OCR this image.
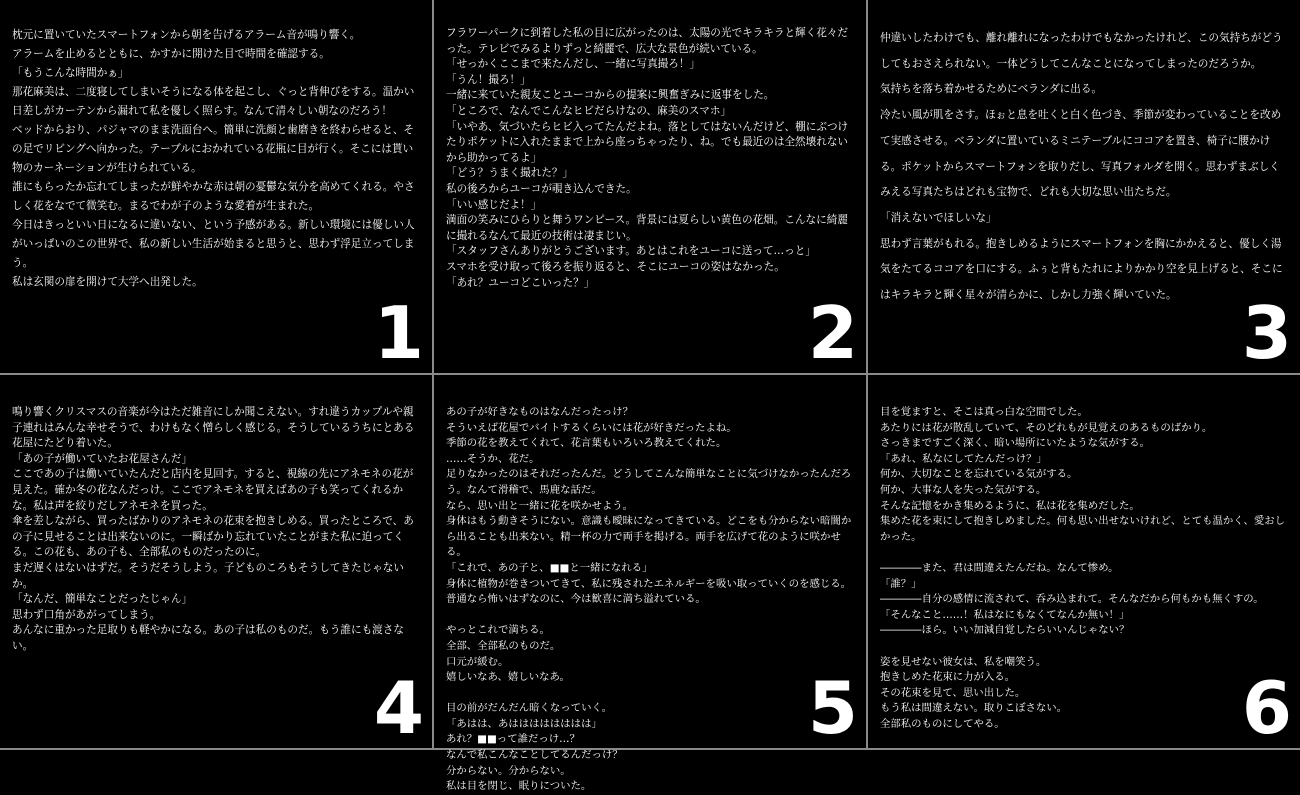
枕元に置いていたスマートフォンから朝を告げるアラーム音が鳴り響く。

アラームを止めるとともに、かすかに開けた目で時間を確認する。

「もうこんな時間かぁ」

那花麻美は、二度寝してしまいそうになる体を起こし、ぐっと背伸びをする。温かい日差しがカーテンから漏れて私を優しく照らす。なんて清々しい朝なのだろう！

ベッドからおり、パジャマのまま洗面台へ。簡単に洗顔と歯磨きを終わらせると、その足でリビングへ向かった。テーブルにおかれている花瓶に目が行く。そこには貰い物のカーネーションが生けられている。

誰にもらったか忘れてしまったが鮮やかな赤は朝の憂鬱な気分を高めてくれる。やさしく花をなでて微笑む。まるでわが子のような愛着が生まれた。

今日はきっといい日になるに違いない、という予感がある。新しい環境には優しい人がいっぱいのこの世界で、私の新しい生活が始まると思うと、思わず浮足立ってしまう。

私は玄関の扉を開けて大学へ出発した。

1

フラワーパークに到着した私の目に広がったのは、太陽の光でキラキラと輝く花々だった。テレビでみるよりずっと綺麗で、広大な景色が続いている。

「せっかくここまで来たんだし、一緒に写真撮ろ！」

「うん！撮ろ！」

一緒に来ていた親友ことユーコからの提案に興奮ぎみに返事をした。

「ところで、なんでこんなヒビだらけなの、麻美のスマホ」

「いやあ、気づいたらヒビ入ってたんだよね。落としてはないんだけど、棚にぶつけたりポケットに入れたままで上から座っちゃったり、ね。でも最近のは全然壊れないから助かってるよ」

「どう？うまく撮れた？」

私の後ろからユーコが覗き込んできた。

「いい感じだよ！」

満面の笑みにひらりと舞うワンピース。背景には夏らしい黄色の花畑。こんなに綺麗に撮れるなんて最近の技術は凄まじい。

「スタッフさんありがとうございます。あとはこれをユーコに送って…っと」

スマホを受け取って後ろを振り返ると、そこにユーコの姿はなかった。

「あれ？ユーコどこいった？」

2

仲違いしたわけでも、離れ離れになったわけでもなかったけれど、この気持ちがどうしてもおさえられない。一体どうしてこんなことになってしまったのだろうか。

気持ちを落ち着かせるためにベランダに出る。

冷たい風が肌をさす。ほぉと息を吐くと白く色づき、季節が変わっていることを改めて実感させる。ベランダに置いているミニテーブルにココアを置き、椅子に腰かける。ポケットからスマートフォンを取りだし、写真フォルダを開く。思わずまぶしくみえる写真たちはどれも宝物で、どれも大切な思い出たちだ。

「消えないでほしいな」

思わず言葉がもれる。抱きしめるようにスマートフォンを胸にかかえると、優しく湯気をたてるココアを口にする。ふぅと背もたれによりかかり空を見上げると、そこにはキラキラと輝く星々が清らかに、しかし力強く輝いていた。 3

鳴り響くクリスマスの音楽が今はただ雑音にしか聞こえない。すれ違うカップルや親子連れはみんな幸せそうで、わけもなく憎らしく感じる。そうしているうちにとある花屋にたどり着いた。

「あの子が働いていたお花屋さんだ」

ここであの子は働いていたんだと店内を見回す。すると、視線の先にアネモネの花が見えた。確か冬の花なんだっけ。ここでアネモネを買えばあの子も笑ってくれるかな。私は声を絞りだしアネモネを買った。

傘を差しながら、買ったばかりのアネモネの花束を抱きしめる。買ったところで、あの子に見せることは出来ないのに。一瞬ばかり忘れていたことがまた私に迫ってくる。この花も、あの子も、全部私のものだったのに。

まだ遅くはないはずだ。そうだそうしよう。子どものころもそうしてきたじゃないか。

「なんだ、簡単なことだったじゃん」

思わず口角があがってしまう。

あんなに重かった足取りも軽やかになる。あの子は私のものだ。もう誰にも渡さない。

4

あの子が好きなものはなんだったっけ？

そういえば花屋でバイトするくらいには花が好きだったよね。

季節の花を教えてくれて、花言葉もいろいろ教えてくれた。

……そうか、花だ。

足りなかったのはそれだったんだ。どうしてこんな簡単なことに気づけなかったんだろう。なんて滑稽で、馬鹿な話だ。

なら、思い出と一緒に花を咲かせよう。

身体はもう動きそうにない。意識も曖昧になってきている。どこをも分からない暗闇から出ることも出来ない。精一杯の力で両手を掲げる。両手を広げて花のように咲かせる。

「これで、あの子と、■■と一緒になれる」

身体に植物が巻きついてきて、私に残されたエネルギーを吸い取っていくのを感じる。普通なら怖いはずなのに、今は歓喜に満ち溢れている。

やっとこれで満ちる。

全部、全部私のものだ。

口元が緩む。

嬉しいなあ、嬉しいなあ。

目の前がだんだん暗くなっていく。

「あはは、あはははははははは」

あれ？■■って誰だっけ…？

なんで私こんなことしてるんだっけ？

分からない。分からない。

私は目を閉じ、眠りについた。

5

目を覚ますと、そこは真っ白な空間でした。

あたりには花が散乱していて、そのどれもが見覚えのあるものばかり。

さっきまですごく深く、暗い場所にいたような気がする。

「あれ、私なにしてたんだっけ？」

何か、大切なことを忘れている気がする。

何か、大事な人を失った気がする。

そんな記憶をかき集めるように、私は花を集めだした。

集めた花を束にして抱きしめました。何も思い出せないけれど、とても温かく、愛おしかった。

――――また、君は間違えたんだね。なんて惨め。

「誰？」

――――自分の感情に流されて、呑み込まれて。そんなだから何もかも無くすの。

「そんなこと……！私はなにもなくてなんか無い！」

――――ほら。いい加減自覚したらいいんじゃない？

姿を見せない彼女は、私を嘲笑う。

抱きしめた花束に力が入る。

その花束を見て、思い出した。

もう私は間違えない。取りこぼさない。

全部私のものにしてやる。	6
